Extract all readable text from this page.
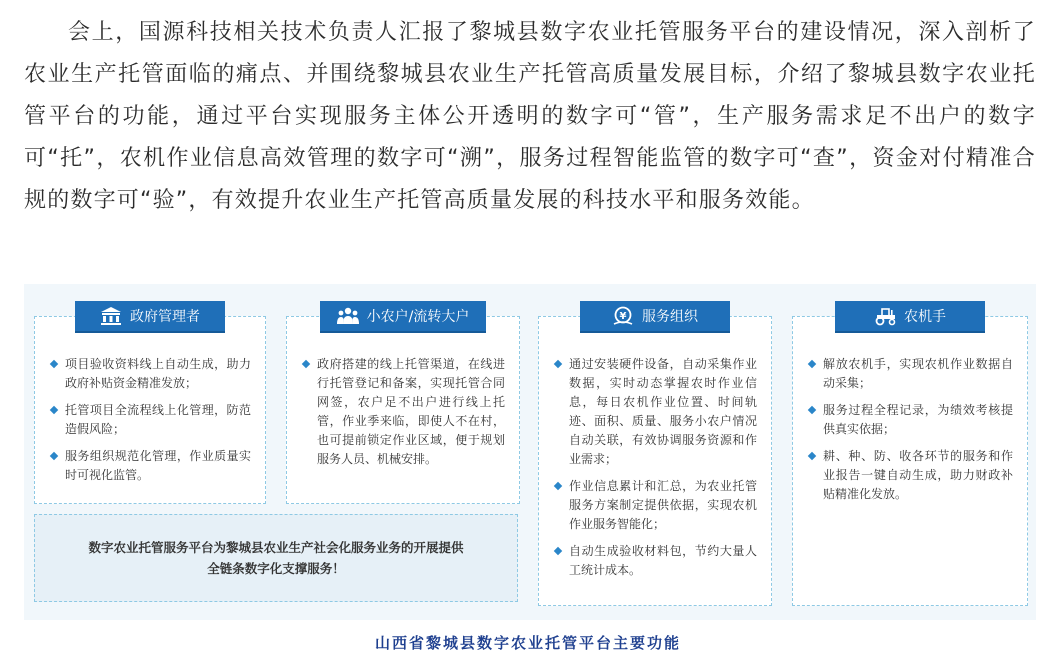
会上，国源科技相关技术负责人汇报了黎城县数字农业托管服务平台的建设情况，深入剖析了农业生产托管面临的痛点、并围绕黎城县农业生产托管高质量发展目标，介绍了黎城县数字农业托管平台的功能，通过平台实现服务主体公开透明的数字可“管”，生产服务需求足不出户的数字可“托”，农机作业信息高效管理的数字可“溯”，服务过程智能监管的数字可“查”，资金对付精准合规的数字可“验”，有效提升农业生产托管高质量发展的科技水平和服务效能。

政府管理者
项目验收资料线上自动生成，助力政府补贴资金精准发放；
托管项目全流程线上化管理，防范造假风险；
服务组织规范化管理，作业质量实时可视化监管。
小农户/流转大户
政府搭建的线上托管渠道，在线进行托管登记和备案，实现托管合同网签，农户足不出户进行线上托管，作业季来临，即使人不在村，也可提前锁定作业区域，便于规划服务人员、机械安排。
¥ 服务组织
通过安装硬件设备，自动采集作业数据，实时动态掌握农时作业信息，每日农机作业位置、时间轨迹、面积、质量、服务小农户情况自动关联，有效协调服务资源和作业需求；
作业信息累计和汇总，为农业托管服务方案制定提供依据，实现农机作业服务智能化；
自动生成验收材料包，节约大量人工统计成本。
农机手
解放农机手，实现农机作业数据自动采集；
服务过程全程记录，为绩效考核提供真实依据；
耕、种、防、收各环节的服务和作业报告一键自动生成，助力财政补贴精准化发放。
数字农业托管服务平台为黎城县农业生产社会化服务业务的开展提供全链条数字化支撑服务！
山西省黎城县数字农业托管平台主要功能
